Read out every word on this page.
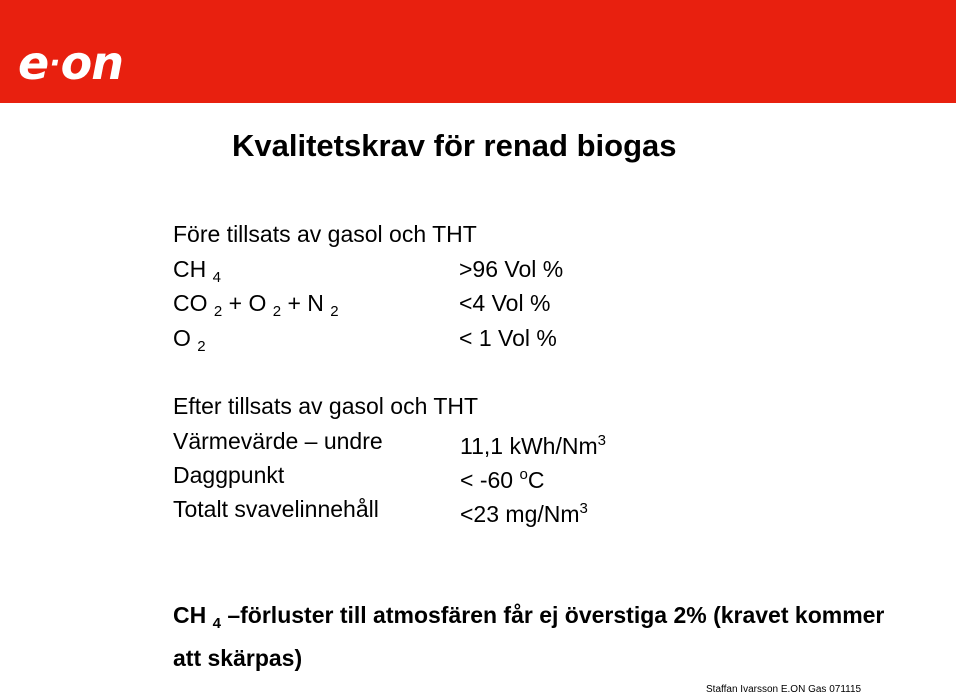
e·on
Kvalitetskrav för renad biogas
Före tillsats av gasol och THT
CH $_4$	>96 Vol %
CO $_2$ + O $_2$ + N $_2$	<4 Vol %
O $_2$	< 1 Vol %
Efter tillsats av gasol och THT
Värmevärde – undre	11,1 kWh/Nm$^3$
Daggpunkt	< -60 $^o$C
Totalt svavelinnehåll	<23 mg/Nm$^3$
CH $_4$ –förluster till atmosfären får ej överstiga 2% (kravet kommer att skärpas)
Staffan Ivarsson E.ON Gas 071115
